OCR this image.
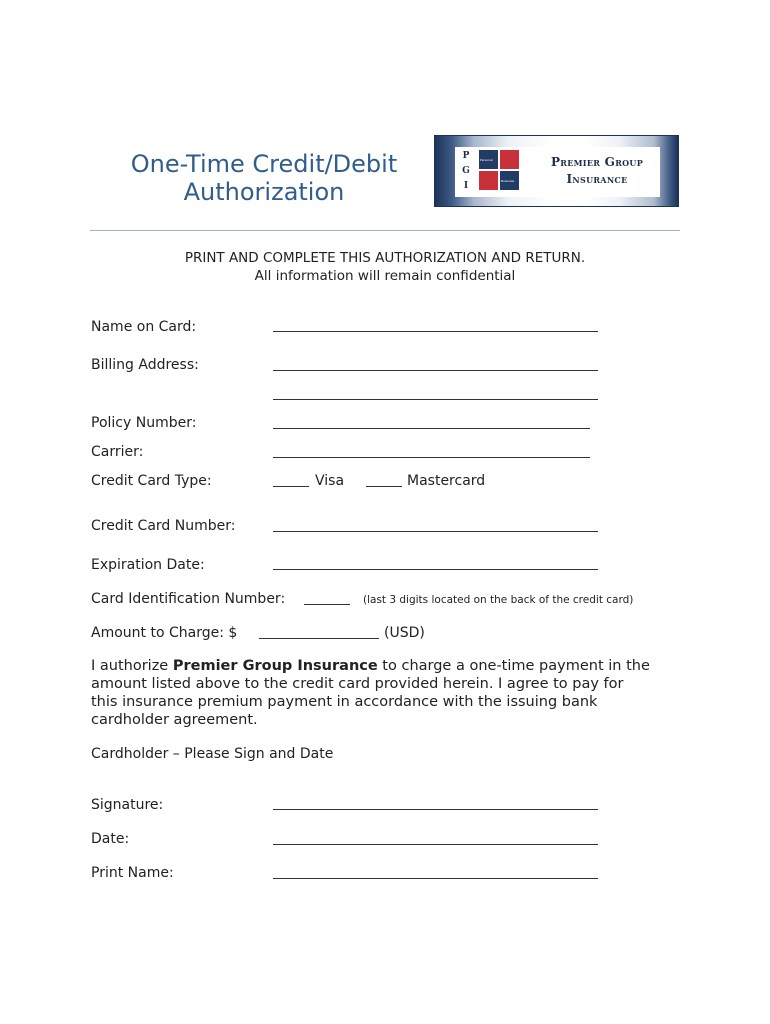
One-Time Credit/Debit
Authorization
P
G
I
Personal
Business
Premier Group
Insurance
PRINT AND COMPLETE THIS AUTHORIZATION AND RETURN.
All information will remain confidential
Name on Card:
Billing Address:
Policy Number:
Carrier:
Credit Card Type:	Visa	Mastercard
Credit Card Number:
Expiration Date:
Card Identification Number:	(last 3 digits located on the back of the credit card)
Amount to Charge: $	(USD)

I authorize Premier Group Insurance to charge a one-time payment in the amount listed above to the credit card provided herein. I agree to pay for this insurance premium payment in accordance with the issuing bank cardholder agreement.

Cardholder – Please Sign and Date
Signature:
Date:
Print Name:
